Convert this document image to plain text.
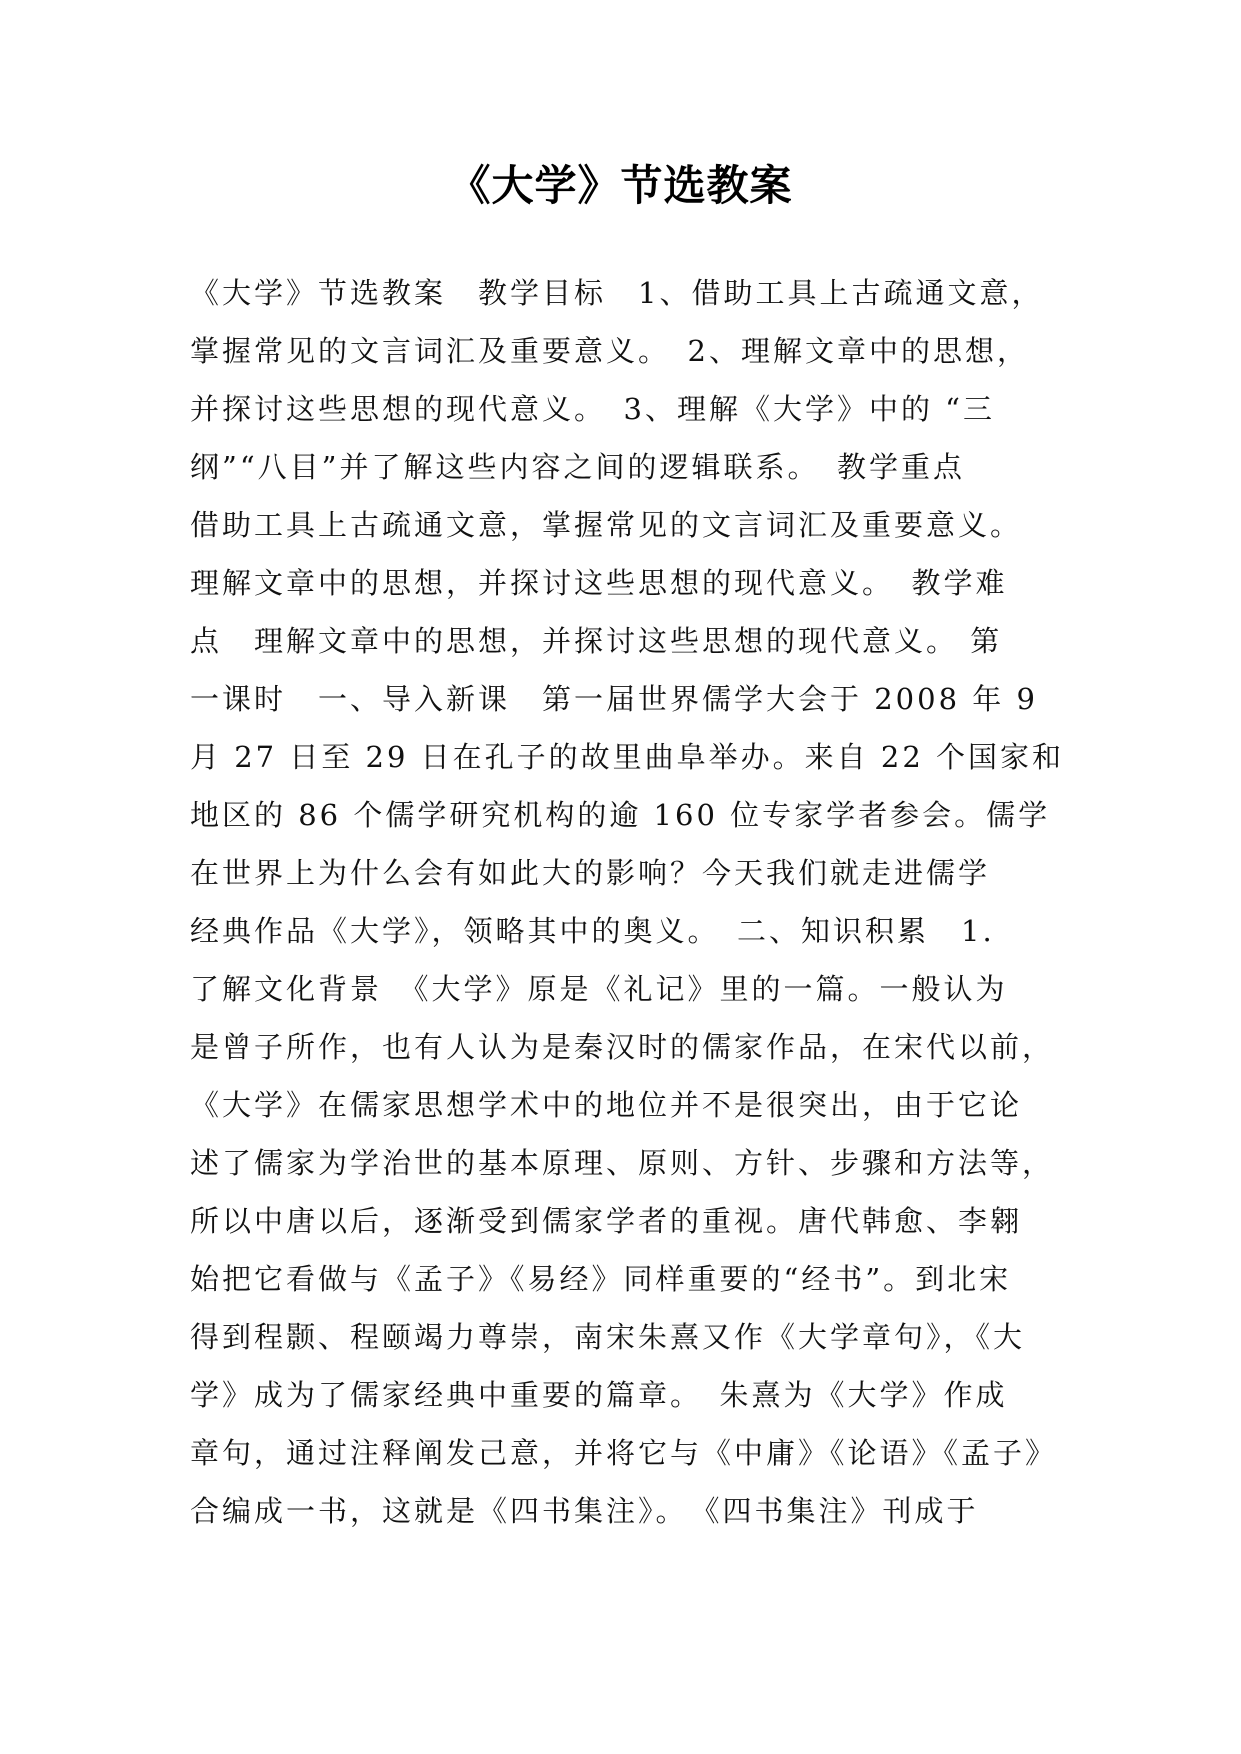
《大学》节选教案
《大学》节选教案　教学目标　1、借助工具上古疏通文意，
掌握常见的文言词汇及重要意义。　2、理解文章中的思想，
并探讨这些思想的现代意义。　3、理解《大学》中的 “三
纲”“八目”并了解这些内容之间的逻辑联系。　教学重点
借助工具上古疏通文意，掌握常见的文言词汇及重要意义。
理解文章中的思想，并探讨这些思想的现代意义。　教学难
点　理解文章中的思想，并探讨这些思想的现代意义。 第
一课时　一、导入新课　第一届世界儒学大会于 2008 年 9
月 27 日至 29 日在孔子的故里曲阜举办。来自 22 个国家和
地区的 86 个儒学研究机构的逾 160 位专家学者参会。儒学
在世界上为什么会有如此大的影响？今天我们就走进儒学
经典作品《大学》，领略其中的奥义。　二、知识积累　1.
了解文化背景　《大学》原是《礼记》里的一篇。一般认为
是曾子所作，也有人认为是秦汉时的儒家作品，在宋代以前，
《大学》在儒家思想学术中的地位并不是很突出，由于它论
述了儒家为学治世的基本原理、原则、方针、步骤和方法等，
所以中唐以后，逐渐受到儒家学者的重视。唐代韩愈、李翱
始把它看做与《孟子》《易经》同样重要的“经书”。到北宋
得到程颢、程颐竭力尊崇，南宋朱熹又作《大学章句》，《大
学》成为了儒家经典中重要的篇章。　朱熹为《大学》作成
章句，通过注释阐发己意，并将它与《中庸》《论语》《孟子》
合编成一书，这就是《四书集注》。　《四书集注》刊成于
